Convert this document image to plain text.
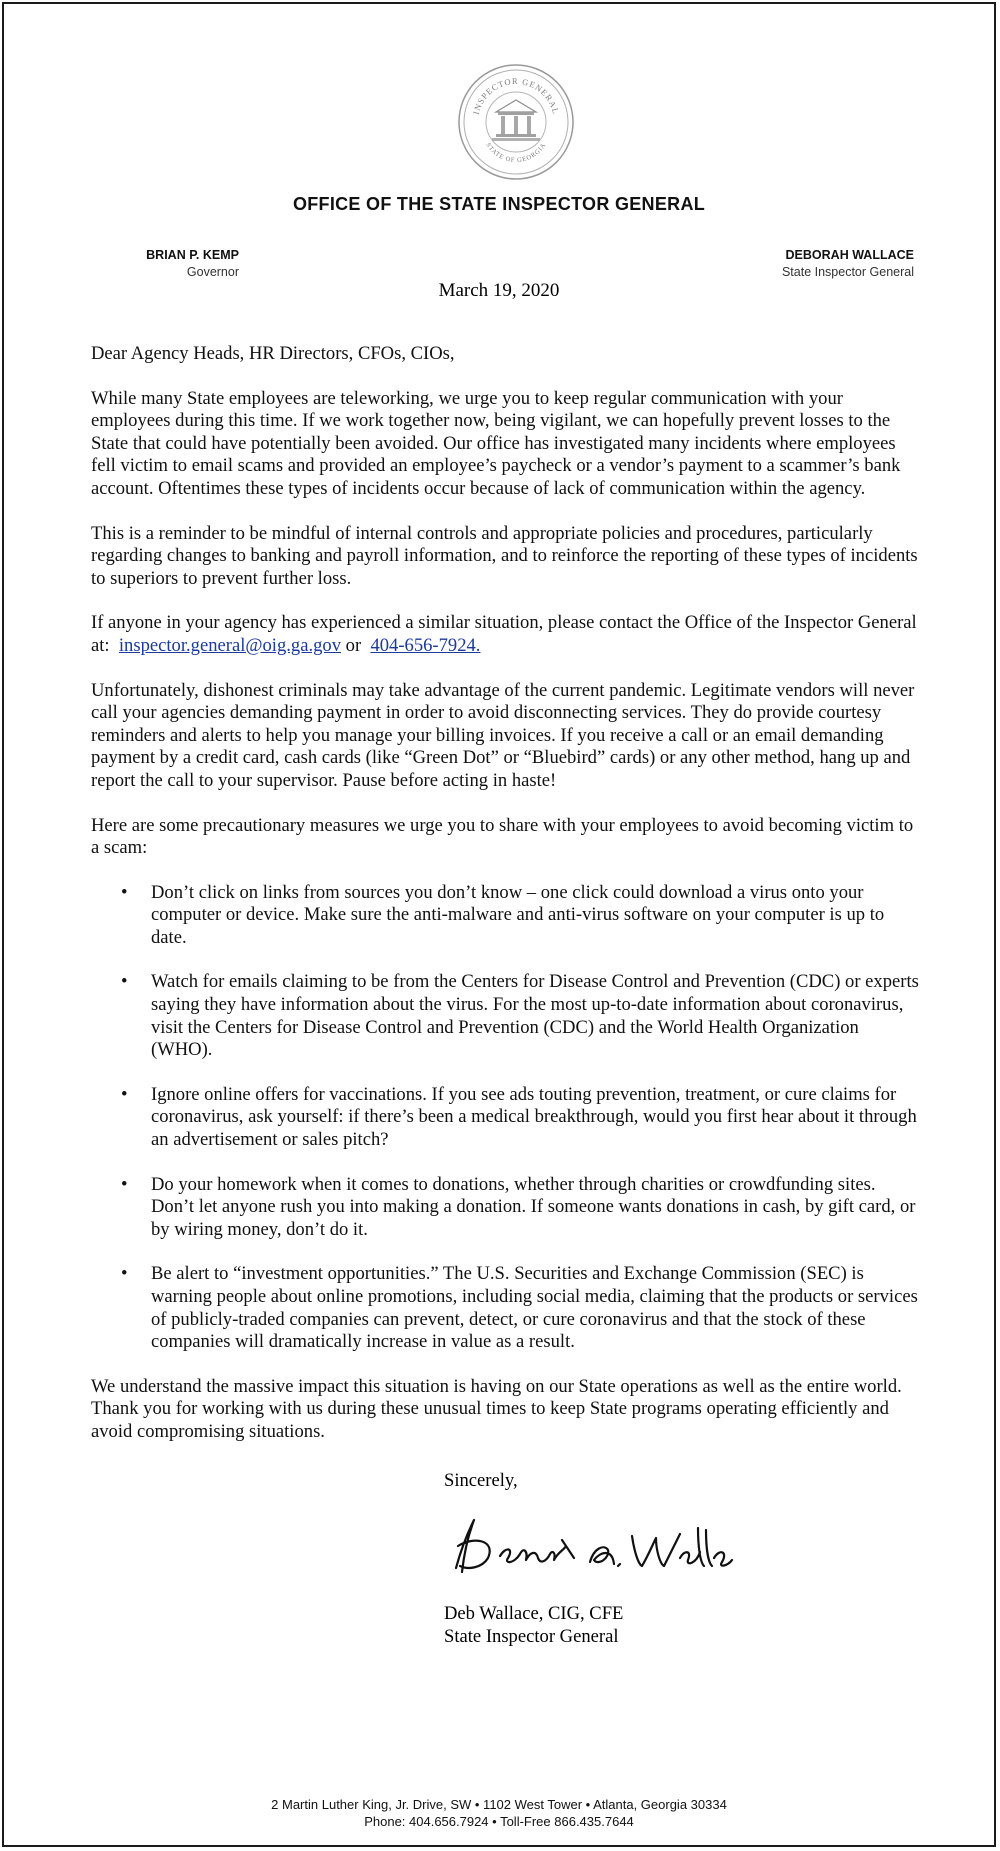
INSPECTOR GENERAL
STATE OF GEORGIA
OFFICE OF THE STATE INSPECTOR GENERAL
BRIAN P. KEMP
Governor
DEBORAH WALLACE
State Inspector General
March 19, 2020

Dear Agency Heads, HR Directors, CFOs, CIOs,

While many State employees are teleworking, we urge you to keep regular communication with your employees during this time. If we work together now, being vigilant, we can hopefully prevent losses to the State that could have potentially been avoided. Our office has investigated many incidents where employees fell victim to email scams and provided an employee’s paycheck or a vendor’s payment to a scammer’s bank account. Oftentimes these types of incidents occur because of lack of communication within the agency.

This is a reminder to be mindful of internal controls and appropriate policies and procedures, particularly regarding changes to banking and payroll information, and to reinforce the reporting of these types of incidents to superiors to prevent further loss.

If anyone in your agency has experienced a similar situation, please contact the Office of the Inspector General at: inspector.general@oig.ga.gov or 404-656-7924.

Unfortunately, dishonest criminals may take advantage of the current pandemic. Legitimate vendors will never call your agencies demanding payment in order to avoid disconnecting services. They do provide courtesy reminders and alerts to help you manage your billing invoices. If you receive a call or an email demanding payment by a credit card, cash cards (like “Green Dot” or “Bluebird” cards) or any other method, hang up and report the call to your supervisor. Pause before acting in haste!

Here are some precautionary measures we urge you to share with your employees to avoid becoming victim to a scam:

• Don’t click on links from sources you don’t know – one click could download a virus onto your computer or device. Make sure the anti-malware and anti-virus software on your computer is up to date.
• Watch for emails claiming to be from the Centers for Disease Control and Prevention (CDC) or experts saying they have information about the virus. For the most up-to-date information about coronavirus, visit the Centers for Disease Control and Prevention (CDC) and the World Health Organization (WHO).
• Ignore online offers for vaccinations. If you see ads touting prevention, treatment, or cure claims for coronavirus, ask yourself: if there’s been a medical breakthrough, would you first hear about it through an advertisement or sales pitch?
• Do your homework when it comes to donations, whether through charities or crowdfunding sites. Don’t let anyone rush you into making a donation. If someone wants donations in cash, by gift card, or by wiring money, don’t do it.
• Be alert to “investment opportunities.” The U.S. Securities and Exchange Commission (SEC) is warning people about online promotions, including social media, claiming that the products or services of publicly-traded companies can prevent, detect, or cure coronavirus and that the stock of these companies will dramatically increase in value as a result.

We understand the massive impact this situation is having on our State operations as well as the entire world. Thank you for working with us during these unusual times to keep State programs operating efficiently and avoid compromising situations.

Sincerely,
Deb Wallace, CIG, CFE
State Inspector General
2 Martin Luther King, Jr. Drive, SW • 1102 West Tower • Atlanta, Georgia 30334
Phone: 404.656.7924 • Toll-Free 866.435.7644
